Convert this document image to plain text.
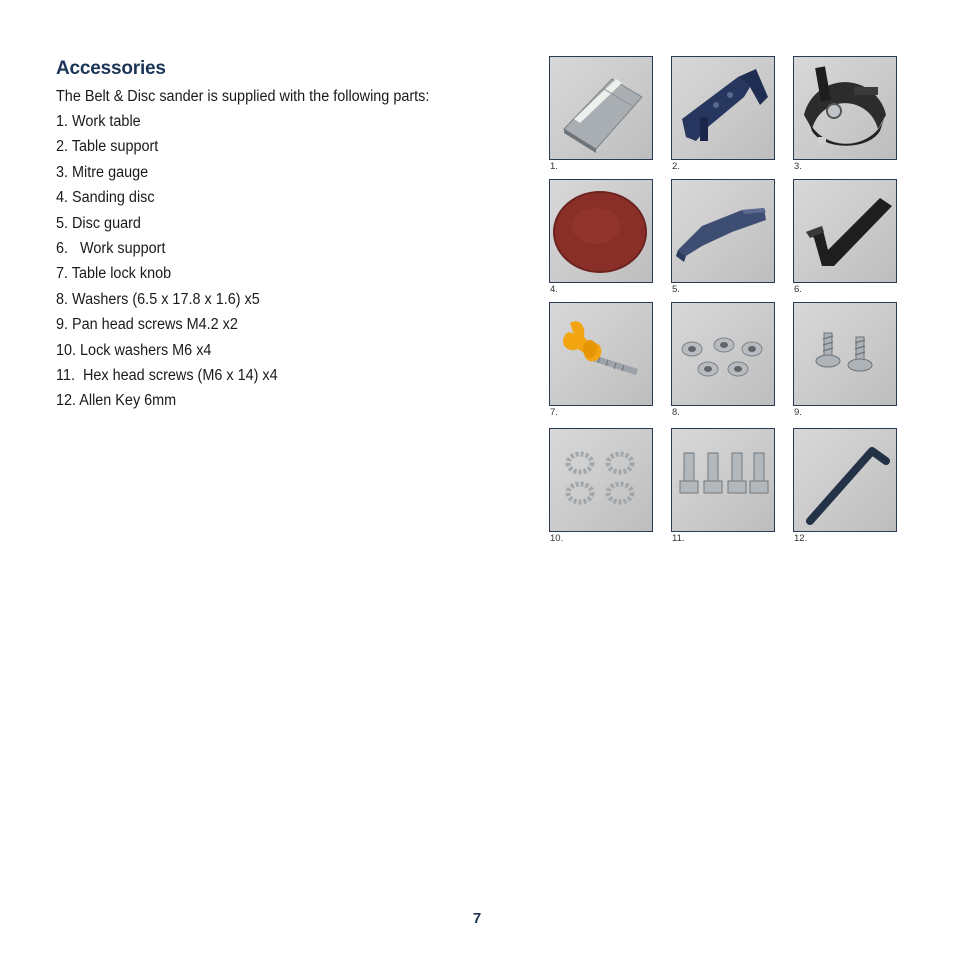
Accessories

The Belt & Disc sander is supplied with the following parts:

1. Work table
2. Table support
3. Mitre gauge
4. Sanding disc
5. Disc guard
6.   Work support
7. Table lock knob
8. Washers (6.5 x 17.8 x 1.6) x5
9. Pan head screws M4.2 x2
10. Lock washers M6 x4
11.  Hex head screws (M6 x 14) x4
12. Allen Key 6mm
1.	2.	3.
4.	5.	6.
7.	8.	9.
10.	11.	12.

7
